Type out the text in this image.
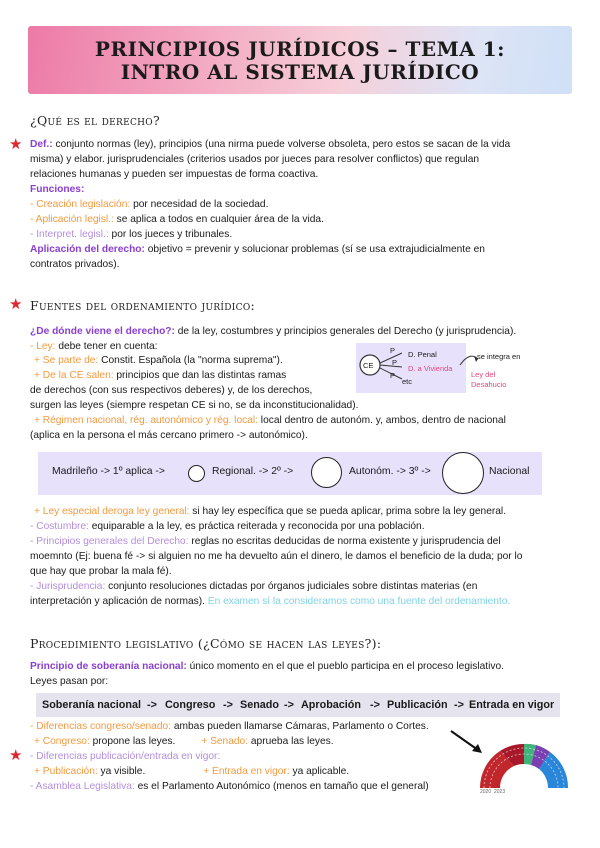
PRINCIPIOS JURÍDICOS – TEMA 1:
INTRO AL SISTEMA JURÍDICO
¿Qué es el derecho?
★ Def.: conjunto normas (ley), principios (una nirma puede volverse obsoleta, pero estos se sacan de la vida
misma) y elabor. jurisprudenciales (criterios usados por jueces para resolver conflictos) que regulan
relaciones humanas y pueden ser impuestas de forma coactiva.
Funciones:
- Creación legislación: por necesidad de la sociedad.
- Aplicación legisl.: se aplica a todos en cualquier área de la vida.
- Interpret. legisl.: por los jueces y tribunales.
Aplicación del derecho: objetivo = prevenir y solucionar problemas (sí se usa extrajudicialmente en
contratos privados).
★ Fuentes del ordenamiento jurídico:
¿De dónde viene el derecho?: de la ley, costumbres y principios generales del Derecho (y jurisprudencia).
- Ley: debe tener en cuenta:
+ Se parte de: Constit. Española (la "norma suprema").
+ De la CE salen: principios que dan las distintas ramas
de derechos (con sus respectivos deberes) y, de los derechos,
surgen las leyes (siempre respetan CE si no, se da inconstitucionalidad).
+ Régimen nacional, rég. autonómico y rég. local: local dentro de autonóm. y, ambos, dentro de nacional
(aplica en la persona el más cercano primero -> autonómico).
CE
P
P
P
D. Penal
D. a Vivienda
etc
se integra en
Ley del
Desahucio
Madrileño -> 1º aplica ->	Regional. -> 2º ->	Autonóm. -> 3º ->	Nacional
+ Ley especial deroga ley general: si hay ley específica que se pueda aplicar, prima sobre la ley general.
- Costumbre: equiparable a la ley, es práctica reiterada y reconocida por una población.
- Principios generales del Derecho: reglas no escritas deducidas de norma existente y jurisprudencia del
moemnto (Ej: buena fé -> si alguien no me ha devuelto aún el dinero, le damos el beneficio de la duda; por lo
que hay que probar la mala fé).
- Jurisprudencia: conjunto resoluciones dictadas por órganos judiciales sobre distintas materias (en
interpretación y aplicación de normas). En examen sí la consideramos como una fuente del ordenamiento.
Procedimiento legislativo (¿Cómo se hacen las leyes?):
Principio de soberanía nacional: único momento en el que el pueblo participa en el proceso legislativo.
Leyes pasan por:
Soberanía nacional -> Congreso -> Senado -> Aprobación -> Publicación -> Entrada en vigor
- Diferencias congreso/senado: ambas pueden llamarse Cámaras, Parlamento o Cortes.
+ Congreso: propone las leyes.	+ Senado: aprueba las leyes.
★ - Diferencias publicación/entrada en vigor:
+ Publicación: ya visible.	+ Entrada en vigor: ya aplicable.
- Asamblea Legislativa: es el Parlamento Autonómico (menos en tamaño que el general)	2020 2023
